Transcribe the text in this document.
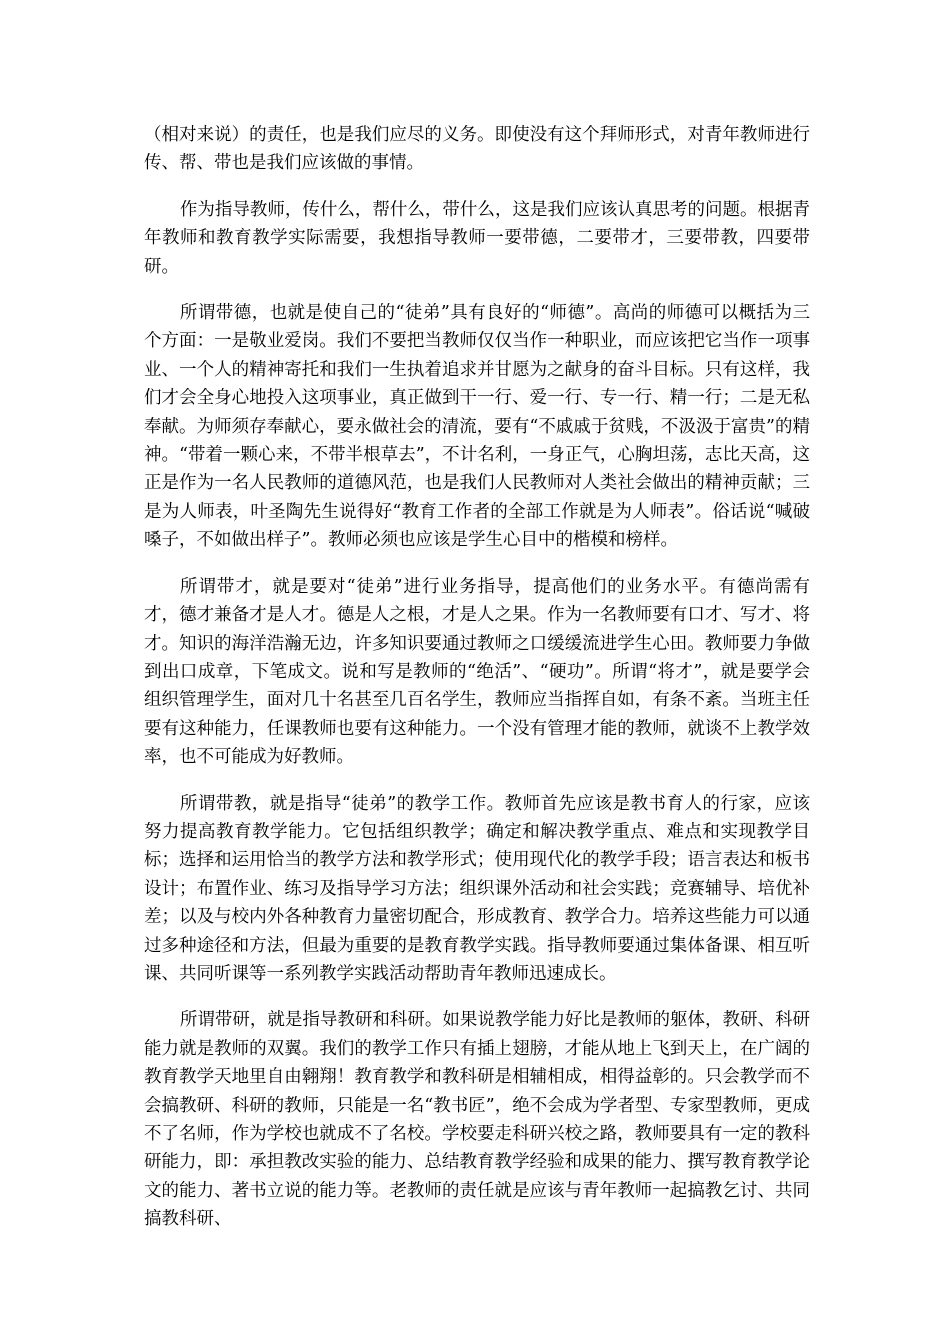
（相对来说）的责任，也是我们应尽的义务。即使没有这个拜师形式，对青年教师进行传、帮、带也是我们应该做的事情。

作为指导教师，传什么，帮什么，带什么，这是我们应该认真思考的问题。根据青年教师和教育教学实际需要，我想指导教师一要带德，二要带才，三要带教，四要带研。

所谓带德，也就是使自己的“徒弟”具有良好的“师德”。高尚的师德可以概括为三个方面：一是敬业爱岗。我们不要把当教师仅仅当作一种职业，而应该把它当作一项事业、一个人的精神寄托和我们一生执着追求并甘愿为之献身的奋斗目标。只有这样，我们才会全身心地投入这项事业，真正做到干一行、爱一行、专一行、精一行；二是无私奉献。为师须存奉献心，要永做社会的清流，要有“不戚戚于贫贱，不汲汲于富贵”的精神。“带着一颗心来，不带半根草去”，不计名利，一身正气，心胸坦荡，志比天高，这正是作为一名人民教师的道德风范，也是我们人民教师对人类社会做出的精神贡献；三是为人师表，叶圣陶先生说得好“教育工作者的全部工作就是为人师表”。俗话说“喊破嗓子，不如做出样子”。教师必须也应该是学生心目中的楷模和榜样。

所谓带才，就是要对“徒弟”进行业务指导，提高他们的业务水平。有德尚需有才，德才兼备才是人才。德是人之根，才是人之果。作为一名教师要有口才、写才、将才。知识的海洋浩瀚无边，许多知识要通过教师之口缓缓流进学生心田。教师要力争做到出口成章，下笔成文。说和写是教师的“绝活”、“硬功”。所谓“将才”，就是要学会组织管理学生，面对几十名甚至几百名学生，教师应当指挥自如，有条不紊。当班主任要有这种能力，任课教师也要有这种能力。一个没有管理才能的教师，就谈不上教学效率，也不可能成为好教师。

所谓带教，就是指导“徒弟”的教学工作。教师首先应该是教书育人的行家，应该努力提高教育教学能力。它包括组织教学；确定和解决教学重点、难点和实现教学目标；选择和运用恰当的教学方法和教学形式；使用现代化的教学手段；语言表达和板书设计；布置作业、练习及指导学习方法；组织课外活动和社会实践；竞赛辅导、培优补差；以及与校内外各种教育力量密切配合，形成教育、教学合力。培养这些能力可以通过多种途径和方法，但最为重要的是教育教学实践。指导教师要通过集体备课、相互听课、共同听课等一系列教学实践活动帮助青年教师迅速成长。

所谓带研，就是指导教研和科研。如果说教学能力好比是教师的躯体，教研、科研能力就是教师的双翼。我们的教学工作只有插上翅膀，才能从地上飞到天上，在广阔的教育教学天地里自由翱翔！教育教学和教科研是相辅相成，相得益彰的。只会教学而不会搞教研、科研的教师，只能是一名“教书匠”，绝不会成为学者型、专家型教师，更成不了名师，作为学校也就成不了名校。学校要走科研兴校之路，教师要具有一定的教科研能力，即：承担教改实验的能力、总结教育教学经验和成果的能力、撰写教育教学论文的能力、著书立说的能力等。老教师的责任就是应该与青年教师一起搞教乞讨、共同搞教科研、
